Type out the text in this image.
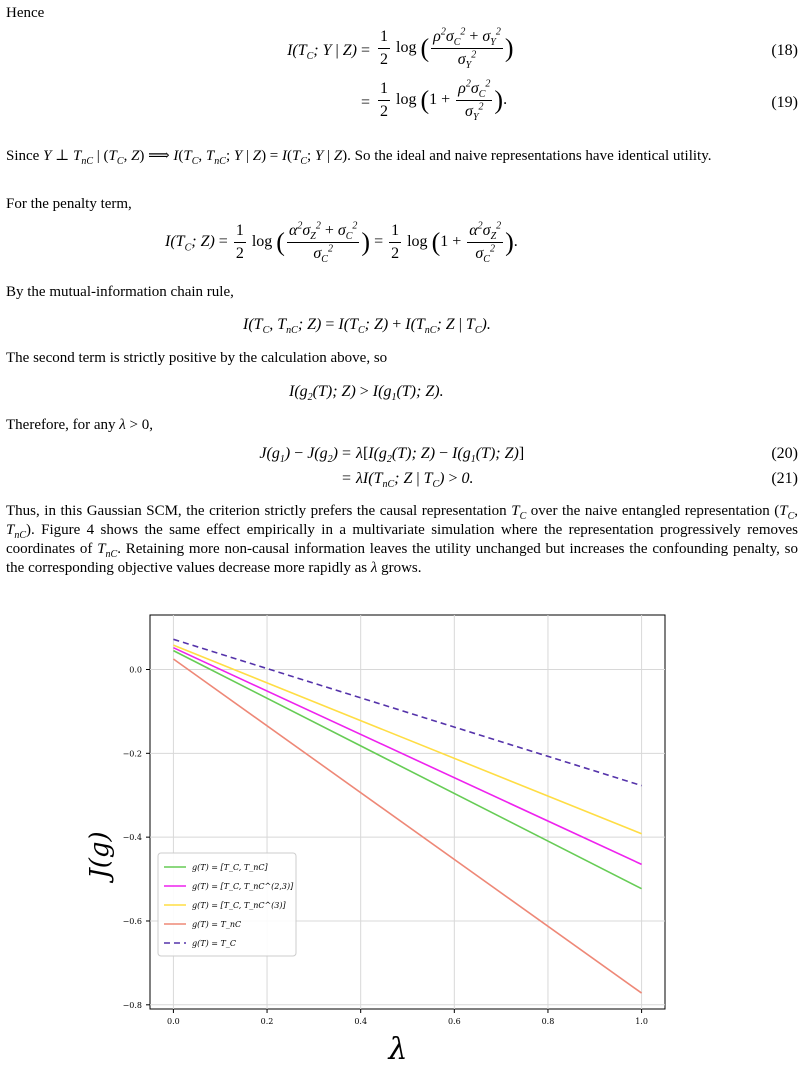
Hence
$I(T_C$; Y | $Z) = \frac{1}{2}$ log ( $\frac{\rho^2\sigma_C^2 + \sigma_Y^2}{\sigma_Y^2}$ )	(18)
= $\frac{1}{2}$ $\log (1 + \frac{\rho^2\sigma_C^2}{\sigma_Y^2}$ ).	(19)
Since Y ⊥ $T_{nC}$ | ($T_C$, Z) ⟹ $I(T_C$, $T_{nC}$; Y | $Z) = I(T_C$; Y | Z). So the ideal and naive representations have identical utility.
For the penalty term,
$I(T_C$; $Z) = \frac{1}{2}$ log ( $\frac{\alpha^2\sigma_Z^2 + \sigma_C^2}{\sigma_C^2}$ ) = $\frac{1}{2}$ $\log (1 + \frac{\alpha^2\sigma_Z^2}{\sigma_C^2}$ ).
By the mutual-information chain rule,
$I(T_C$, $T_{nC}$; $Z) = I(T_C$; $Z) + I(T_{nC}$; Z | $T_C$).
The second term is strictly positive by the calculation above, so
$I(g_2(T)$; $Z) > I(g_1(T)$; Z).
Therefore, for any λ > 0,
$J(g_1) - J(g_2) = \lambda[I(g_2(T)$; $Z) - I(g_1(T)$; Z)]	(20)
= $\lambda I(T_{nC}$; Z | $T_C) > 0$.	(21)
Thus, in this Gaussian SCM, the criterion strictly prefers the causal representation $T_C$ over the naive entangled representation ($T_C$, $T_{nC}$). Figure 4 shows the same effect empirically in a multivariate simulation where the representation progressively removes coordinates of $T_{nC}$. Retaining more non-causal information leaves the utility unchanged but increases the confounding penalty, so the corresponding objective values decrease more rapidly as λ grows.
0.0	0.2	0.4	0.6	0.8	1.0
0.0
−0.2
−0.4
−0.6
−0.8
g(T) = [T_C, T_nC]
g(T) = [T_C, T_nC^(2,3)]
g(T) = [T_C, T_nC^(3)]
g(T) = T_nC
g(T) = T_C
J(g)
λ
